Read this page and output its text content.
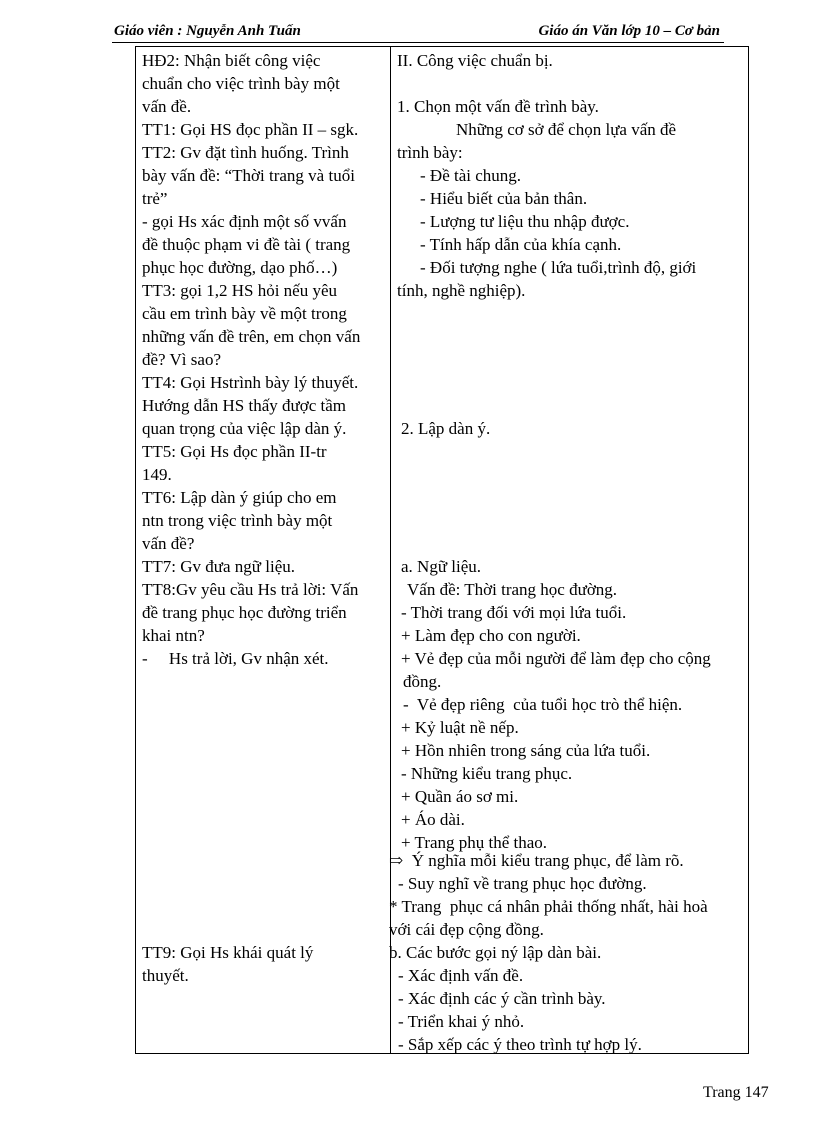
Giáo viên : Nguyễn Anh Tuấn	Giáo án Văn lớp 10 – Cơ bản
HĐ2: Nhận biết công việc
chuẩn cho việc trình bày một
vấn đề.
TT1: Gọi HS đọc phần II – sgk.
TT2: Gv đặt tình huống. Trình
bày vấn đề: “Thời trang và tuổi
trẻ”
- gọi Hs xác định một số vvấn
đề thuộc phạm vi đề tài ( trang
phục học đường, dạo phố…)
TT3: gọi 1,2 HS hỏi nếu yêu
cầu em trình bày về một trong
những vấn đề trên, em chọn vấn
đề? Vì sao?
TT4: Gọi Hstrình bày lý thuyết.
Hướng dẫn HS thấy được tầm
quan trọng của việc lập dàn ý.
TT5: Gọi Hs đọc phần II-tr
149.
TT6: Lập dàn ý giúp cho em
ntn trong việc trình bày một
vấn đề?
TT7: Gv đưa ngữ liệu.
TT8:Gv yêu cầu Hs trả lời: Vấn
đề trang phục học đường triển
khai ntn?
-     Hs trả lời, Gv nhận xét.
TT9: Gọi Hs khái quát lý
thuyết.
II. Công việc chuẩn bị.
1. Chọn một vấn đề trình bày.
Những cơ sở để chọn lựa vấn đề
trình bày:
- Đề tài chung.
- Hiểu biết của bản thân.
- Lượng tư liệu thu nhập được.
- Tính hấp dẫn của khía cạnh.
- Đối tượng nghe ( lứa tuổi,trình độ, giới
tính, nghề nghiệp).
2. Lập dàn ý.
a. Ngữ liệu.
Vấn đề: Thời trang học đường.
- Thời trang đối với mọi lứa tuổi.
+ Làm đẹp cho con người.
+ Vẻ đẹp của mỗi người để làm đẹp cho cộng
đồng.
-  Vẻ đẹp riêng  của tuổi học trò thể hiện.
+ Kỷ luật nề nếp.
+ Hồn nhiên trong sáng của lứa tuổi.
- Những kiểu trang phục.
+ Quần áo sơ mi.
+ Áo dài.
+ Trang phụ thể thao.
⇨  Ý nghĩa mỗi kiểu trang phục, để làm rõ.
- Suy nghĩ về trang phục học đường.
* Trang  phục cá nhân phải thống nhất, hài hoà
với cái đẹp cộng đồng.
b. Các bước gọi ný lập dàn bài.
- Xác định vấn đề.
- Xác định các ý cần trình bày.
- Triển khai ý nhỏ.
- Sắp xếp các ý theo trình tự hợp lý.
Trang 147
